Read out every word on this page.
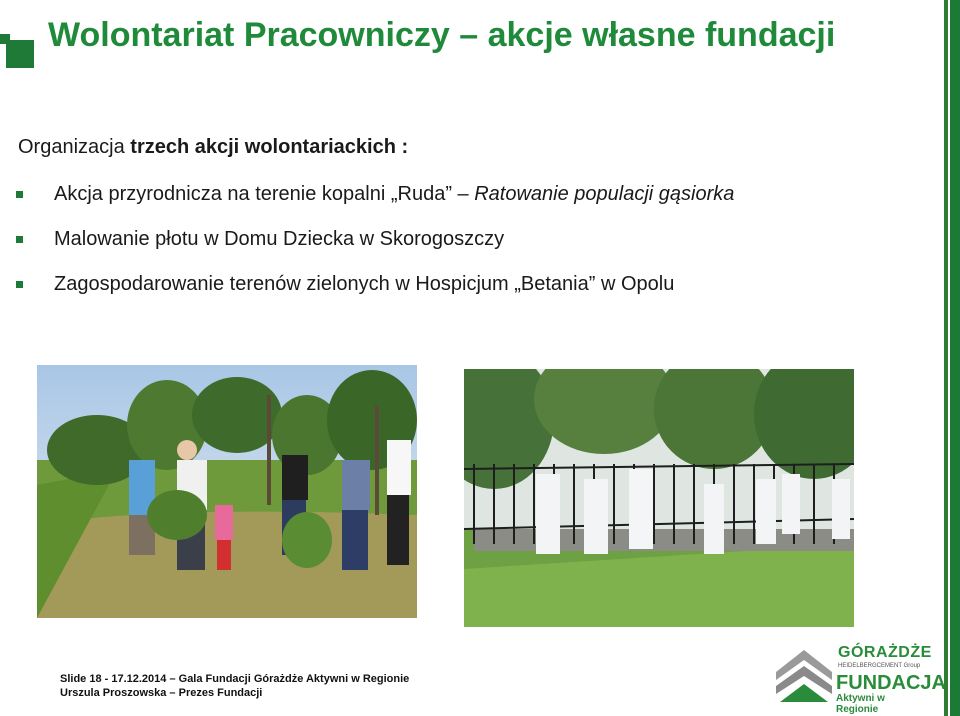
Wolontariat Pracowniczy – akcje własne fundacji
Organizacja trzech akcji wolontariackich :
Akcja przyrodnicza na terenie kopalni „Ruda” – Ratowanie populacji gąsiorka
Malowanie płotu w Domu Dziecka w Skorogoszczy
Zagospodarowanie terenów zielonych w Hospicjum „Betania” w Opolu
Slide 18 - 17.12.2014 – Gala Fundacji Górażdże Aktywni w Regionie
Urszula Proszowska – Prezes Fundacji
GÓRAŻDŻE
HEIDELBERGCEMENT Group
FUNDACJA
Aktywni w Regionie
